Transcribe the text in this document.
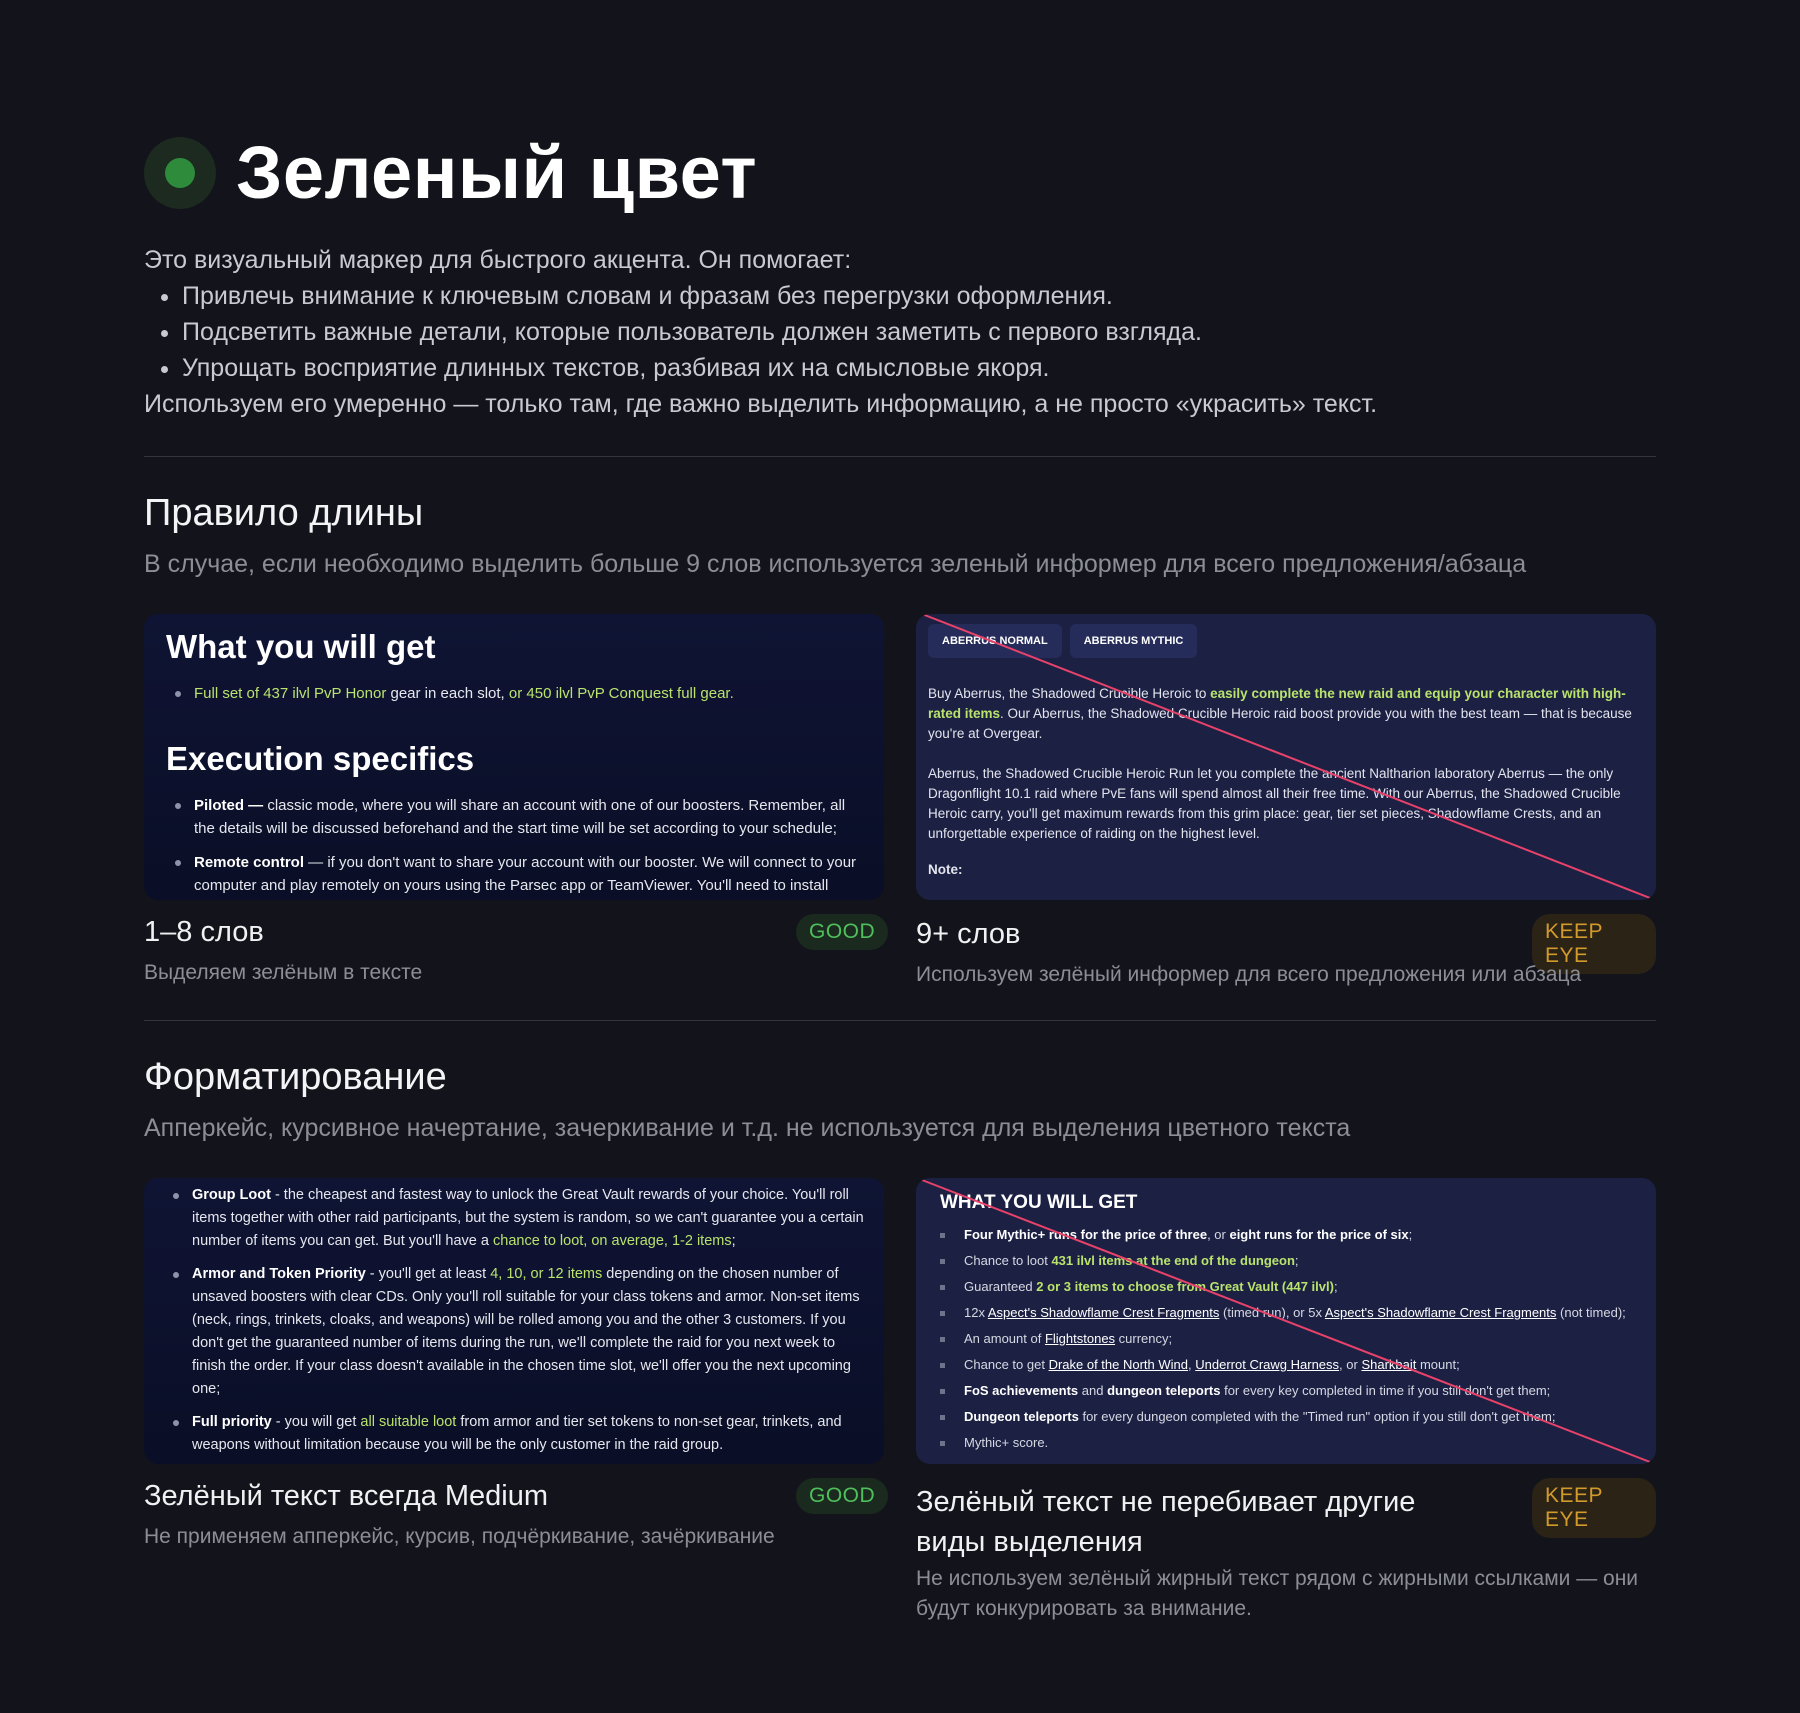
Зеленый цвет
Это визуальный маркер для быстрого акцента. Он помогает:
• Привлечь внимание к ключевым словам и фразам без перегрузки оформления.
• Подсветить важные детали, которые пользователь должен заметить с первого взгляда.
• Упрощать восприятие длинных текстов, разбивая их на смысловые якоря.
Используем его умеренно — только там, где важно выделить информацию, а не просто «украсить» текст.
Правило длины
В случае, если необходимо выделить больше 9 слов используется зеленый информер для всего предложения/абзаца
What you will get
Full set of 437 ilvl PvP Honor gear in each slot, or 450 ilvl PvP Conquest full gear.
Execution specifics
Piloted — classic mode, where you will share an account with one of our boosters. Remember, all the details will be discussed beforehand and the start time will be set according to your schedule;
Remote control — if you don't want to share your account with our booster. We will connect to your computer and play remotely on yours using the Parsec app or TeamViewer. You'll need to install
1–8 слов	GOOD
Выделяем зелёным в тексте
ABERRUS NORMAL	ABERRUS MYTHIC
Buy Aberrus, the Shadowed Crucible Heroic to easily complete the new raid and equip your character with high-rated items. Our Aberrus, the Shadowed Crucible Heroic raid boost provide you with the best team — that is because you're at Overgear.
Aberrus, the Shadowed Crucible Heroic Run let you complete the ancient Naltharion laboratory Aberrus — the only Dragonflight 10.1 raid where PvE fans will spend almost all their free time. With our Aberrus, the Shadowed Crucible Heroic carry, you'll get maximum rewards from this grim place: gear, tier set pieces, Shadowflame Crests, and an unforgettable experience of raiding on the highest level.
Note:
9+ слов	KEEP EYE
Используем зелёный информер для всего предложения или абзаца
Форматирование
Апперкейс, курсивное начертание, зачеркивание и т.д. не используется для выделения цветного текста
Group Loot - the cheapest and fastest way to unlock the Great Vault rewards of your choice. You'll roll items together with other raid participants, but the system is random, so we can't guarantee you a certain number of items you can get. But you'll have a chance to loot, on average, 1-2 items;
Armor and Token Priority - you'll get at least 4, 10, or 12 items depending on the chosen number of unsaved boosters with clear CDs. Only you'll roll suitable for your class tokens and armor. Non-set items (neck, rings, trinkets, cloaks, and weapons) will be rolled among you and the other 3 customers. If you don't get the guaranteed number of items during the run, we'll complete the raid for you next week to finish the order. If your class doesn't available in the chosen time slot, we'll offer you the next upcoming one;
Full priority - you will get all suitable loot from armor and tier set tokens to non-set gear, trinkets, and weapons without limitation because you will be the only customer in the raid group.
Зелёный текст всегда Medium	GOOD
Не применяем апперкейс, курсив, подчёркивание, зачёркивание
WHAT YOU WILL GET
Four Mythic+ runs for the price of three, or eight runs for the price of six;
Chance to loot 431 ilvl items at the end of the dungeon;
Guaranteed 2 or 3 items to choose from Great Vault (447 ilvl);
12x Aspect's Shadowflame Crest Fragments (timed run), or 5x Aspect's Shadowflame Crest Fragments (not timed);
An amount of Flightstones currency;
Chance to get Drake of the North Wind, Underrot Crawg Harness, or Sharkbait mount;
FoS achievements and dungeon teleports for every key completed in time if you still don't get them;
Dungeon teleports for every dungeon completed with the "Timed run" option if you still don't get them;
Mythic+ score.
Зелёный текст не перебивает другие виды выделения
KEEP EYE
Не используем зелёный жирный текст рядом с жирными ссылками — они будут конкурировать за внимание.
